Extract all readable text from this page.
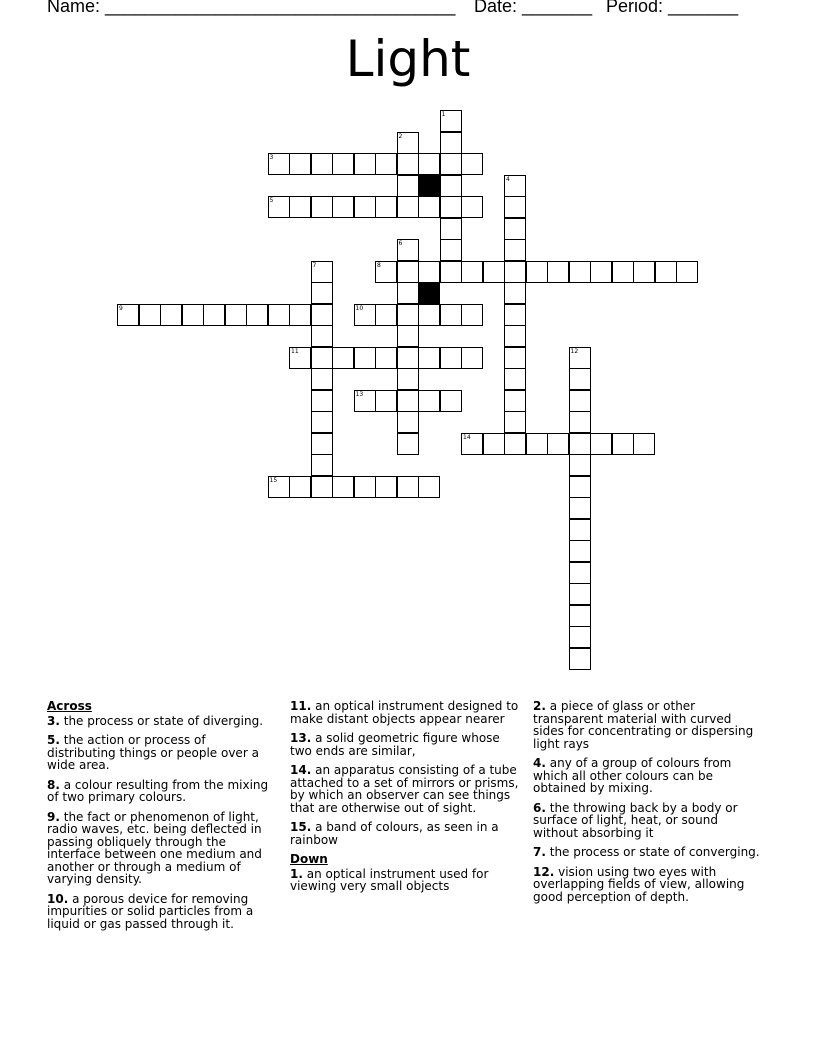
Name: ___________________________________ Date: _______ Period: _______
Light
1
2
3
4
5
6
7	8
9	10
11	12
13
14
15
Across
3. the process or state of diverging.
5. the action or process of distributing things or people over a wide area.
8. a colour resulting from the mixing of two primary colours.
9. the fact or phenomenon of light, radio waves, etc. being deflected in passing obliquely through the interface between one medium and another or through a medium of varying density.
10. a porous device for removing impurities or solid particles from a liquid or gas passed through it.
11. an optical instrument designed to make distant objects appear nearer
13. a solid geometric figure whose two ends are similar,
14. an apparatus consisting of a tube attached to a set of mirrors or prisms, by which an observer can see things that are otherwise out of sight.
15. a band of colours, as seen in a rainbow
Down
1. an optical instrument used for viewing very small objects
2. a piece of glass or other transparent material with curved sides for concentrating or dispersing light rays
4. any of a group of colours from which all other colours can be obtained by mixing.
6. the throwing back by a body or surface of light, heat, or sound without absorbing it
7. the process or state of converging.
12. vision using two eyes with overlapping fields of view, allowing good perception of depth.
